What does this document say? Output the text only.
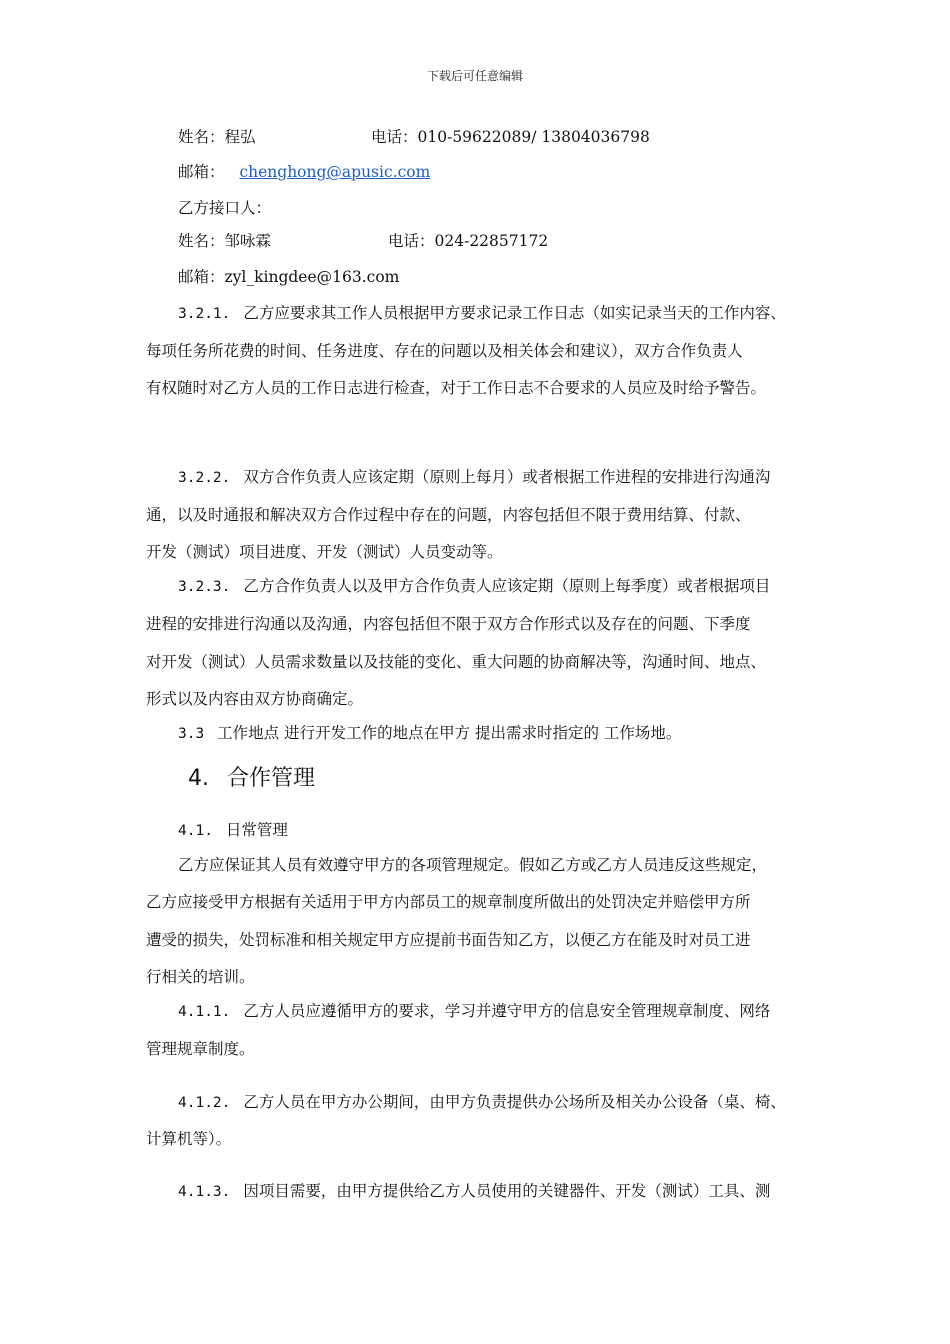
下载后可任意编辑
姓名：程弘	电话：010-59622089/ 13804036798
邮箱： chenghong@apusic.com
乙方接口人：
姓名：邹咏霖	电话：024-22857172
邮箱：zyl_kingdee@163.com
3.2.1. 乙方应要求其工作人员根据甲方要求记录工作日志（如实记录当天的工作内容、
每项任务所花费的时间、任务进度、存在的问题以及相关体会和建议），双方合作负责人
有权随时对乙方人员的工作日志进行检查，对于工作日志不合要求的人员应及时给予警告。
3.2.2. 双方合作负责人应该定期（原则上每月）或者根据工作进程的安排进行沟通沟
通，以及时通报和解决双方合作过程中存在的问题，内容包括但不限于费用结算、付款、
开发（测试）项目进度、开发（测试）人员变动等。
3.2.3. 乙方合作负责人以及甲方合作负责人应该定期（原则上每季度）或者根据项目
进程的安排进行沟通以及沟通，内容包括但不限于双方合作形式以及存在的问题、下季度
对开发（测试）人员需求数量以及技能的变化、重大问题的协商解决等，沟通时间、地点、
形式以及内容由双方协商确定。
3.3 工作地点 进行开发工作的地点在甲方 提出需求时指定的 工作场地。
4. 合作管理
4.1. 日常管理
乙方应保证其人员有效遵守甲方的各项管理规定。假如乙方或乙方人员违反这些规定，
乙方应接受甲方根据有关适用于甲方内部员工的规章制度所做出的处罚决定并赔偿甲方所
遭受的损失，处罚标准和相关规定甲方应提前书面告知乙方，以便乙方在能及时对员工进
行相关的培训。
4.1.1. 乙方人员应遵循甲方的要求，学习并遵守甲方的信息安全管理规章制度、网络
管理规章制度。
4.1.2. 乙方人员在甲方办公期间，由甲方负责提供办公场所及相关办公设备（桌、椅、
计算机等）。
4.1.3. 因项目需要，由甲方提供给乙方人员使用的关键器件、开发（测试）工具、测
